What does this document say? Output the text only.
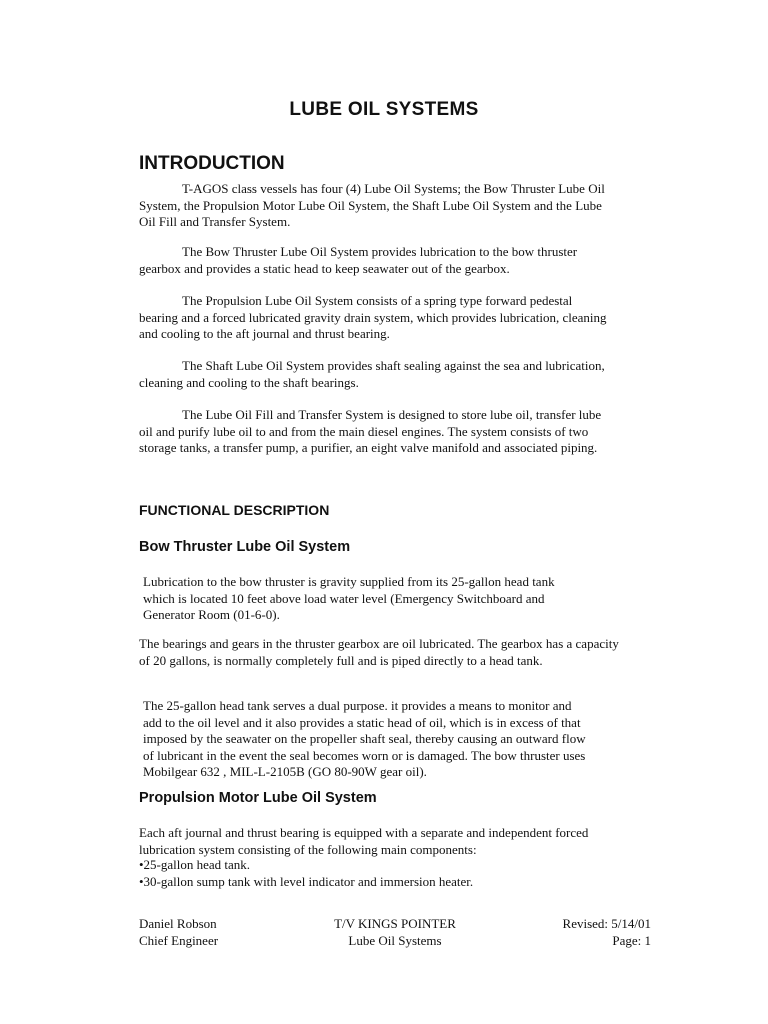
LUBE OIL SYSTEMS
INTRODUCTION
T-AGOS class vessels has four (4) Lube Oil Systems; the Bow Thruster Lube Oil System, the Propulsion Motor Lube Oil System, the Shaft Lube Oil System and the Lube Oil Fill and Transfer System.
The Bow Thruster Lube Oil System provides lubrication to the bow thruster gearbox and provides a static head to keep seawater out of the gearbox.
The Propulsion Lube Oil System consists of a spring type forward pedestal bearing and a forced lubricated gravity drain system, which provides lubrication, cleaning and cooling to the aft journal and thrust bearing.
The Shaft Lube Oil System provides shaft sealing against the sea and lubrication, cleaning and cooling to the shaft bearings.
The Lube Oil Fill and Transfer System is designed to store lube oil, transfer lube oil and purify lube oil to and from the main diesel engines. The system consists of two storage tanks, a transfer pump, a purifier, an eight valve manifold and associated piping.
FUNCTIONAL DESCRIPTION
Bow Thruster Lube Oil System
Lubrication to the bow thruster is gravity supplied from its 25-gallon head tank which is located 10 feet above load water level (Emergency Switchboard and Generator Room (01-6-0).
The bearings and gears in the thruster gearbox are oil lubricated. The gearbox has a capacity of 20 gallons, is normally completely full and is piped directly to a head tank.
The 25-gallon head tank serves a dual purpose. it provides a means to monitor and add to the oil level and it also provides a static head of oil, which is in excess of that imposed by the seawater on the propeller shaft seal, thereby causing an outward flow of lubricant in the event the seal becomes worn or is damaged. The bow thruster uses Mobilgear 632 , MIL-L-2105B (GO 80-90W gear oil).
Propulsion Motor Lube Oil System
Each aft journal and thrust bearing is equipped with a separate and independent forced lubrication system consisting of the following main components:
•25-gallon head tank.
•30-gallon sump tank with level indicator and immersion heater.
Daniel Robson
Chief Engineer
T/V KINGS POINTER
Lube Oil Systems
Revised: 5/14/01
Page: 1
